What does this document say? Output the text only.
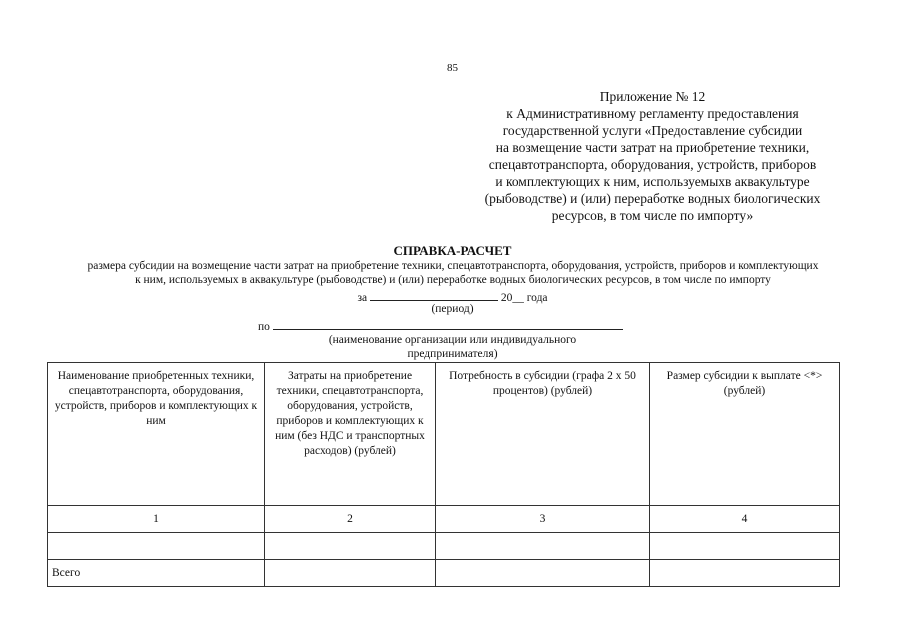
85
Приложение № 12
к Административному регламенту предоставления
государственной услуги «Предоставление субсидии
на возмещение части затрат на приобретение техники,
спецавтотранспорта, оборудования, устройств, приборов
и комплектующих к ним, используемыхв аквакультуре
(рыбоводстве) и (или) переработке водных биологических
ресурсов, в том числе по импорту»
СПРАВКА-РАСЧЕТ
размера субсидии на возмещение части затрат на приобретение техники, спецавтотранспорта, оборудования, устройств, приборов и комплектующих
к ним, используемых в аквакультуре (рыбоводстве) и (или) переработке водных биологических ресурсов, в том числе по импорту
за	20__ года
(период)
по
(наименование организации или индивидуального
предпринимателя)
Наименование приобретенных техники, спецавтотранспорта, оборудования, устройств, приборов и комплектующих к ним	Затраты на приобретение техники, спецавтотранспорта, оборудования, устройств, приборов и комплектующих к ним (без НДС и транспортных расходов) (рублей)	Потребность в субсидии (графа 2 x 50 процентов) (рублей)	Размер субсидии к выплате <*> (рублей)
1	2	3	4

Всего			
